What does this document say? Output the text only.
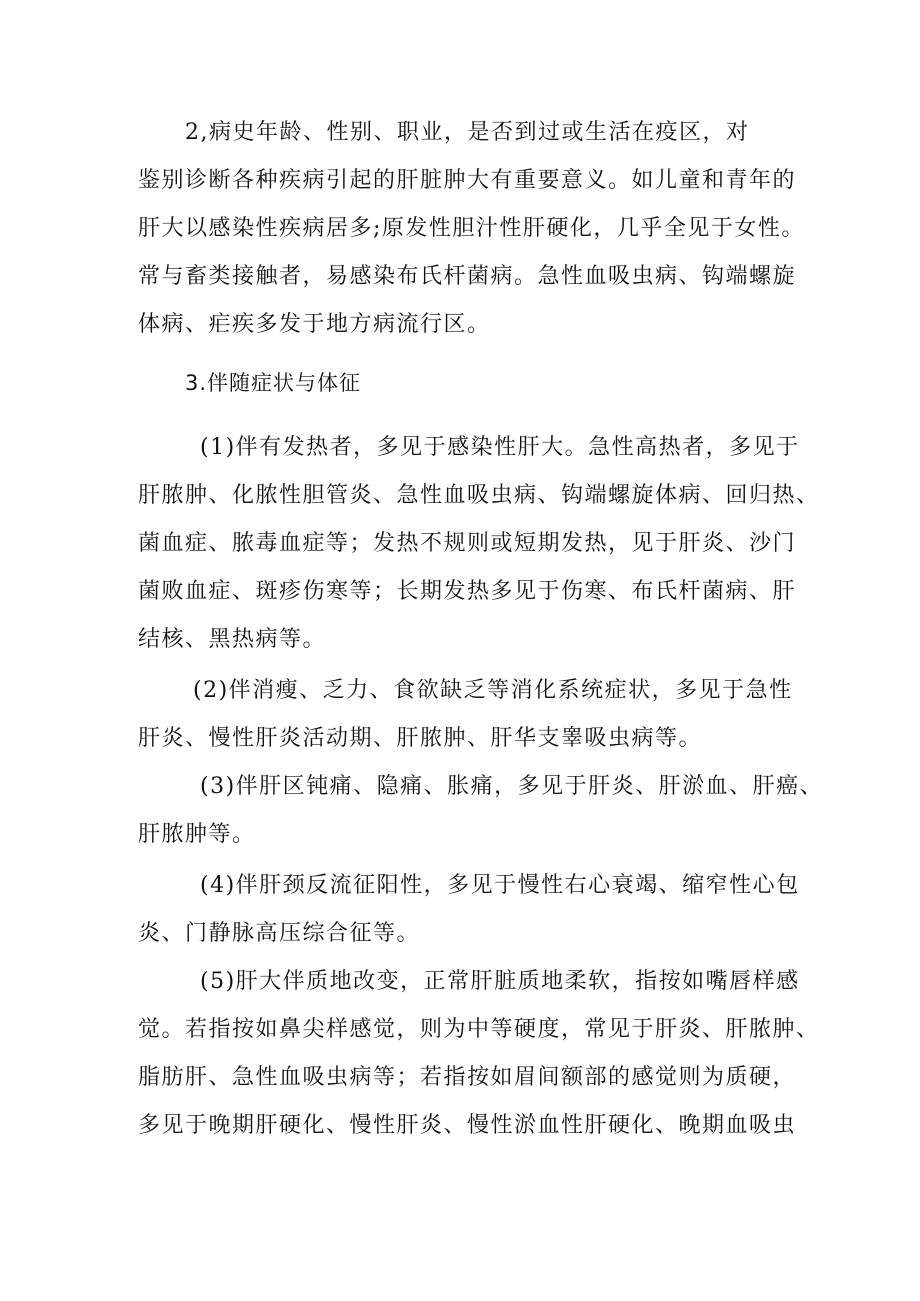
2,病史年龄、性别、职业，是否到过或生活在疫区，对

鉴别诊断各种疾病引起的肝脏肿大有重要意义。如儿童和青年的

肝大以感染性疾病居多;原发性胆汁性肝硬化，几乎全见于女性。

常与畜类接触者，易感染布氏杆菌病。急性血吸虫病、钩端螺旋

体病、疟疾多发于地方病流行区。

3.伴随症状与体征

(1)伴有发热者，多见于感染性肝大。急性高热者，多见于

肝脓肿、化脓性胆管炎、急性血吸虫病、钩端螺旋体病、回归热、

菌血症、脓毒血症等；发热不规则或短期发热，见于肝炎、沙门

菌败血症、斑疹伤寒等；长期发热多见于伤寒、布氏杆菌病、肝

结核、黑热病等。

(2)伴消瘦、乏力、食欲缺乏等消化系统症状，多见于急性

肝炎、慢性肝炎活动期、肝脓肿、肝华支睾吸虫病等。

(3)伴肝区钝痛、隐痛、胀痛，多见于肝炎、肝淤血、肝癌、

肝脓肿等。

(4)伴肝颈反流征阳性，多见于慢性右心衰竭、缩窄性心包

炎、门静脉高压综合征等。

(5)肝大伴质地改变，正常肝脏质地柔软，指按如嘴唇样感

觉。若指按如鼻尖样感觉，则为中等硬度，常见于肝炎、肝脓肿、

脂肪肝、急性血吸虫病等；若指按如眉间额部的感觉则为质硬，

多见于晚期肝硬化、慢性肝炎、慢性淤血性肝硬化、晚期血吸虫
